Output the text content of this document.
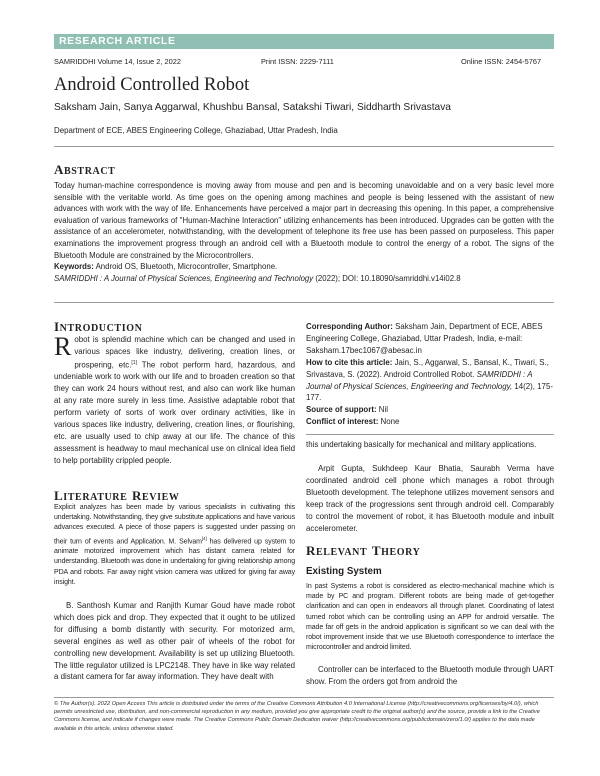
RESEARCH ARTICLE
SAMRIDDHI Volume 14, Issue 2, 2022	Print ISSN: 2229-7111	Online ISSN: 2454-5767
Android Controlled Robot
Saksham Jain, Sanya Aggarwal, Khushbu Bansal, Satakshi Tiwari, Siddharth Srivastava
Department of ECE, ABES Engineering College, Ghaziabad, Uttar Pradesh, India
ABSTRACT

Today human-machine correspondence is moving away from mouse and pen and is becoming unavoidable and on a very basic level more sensible with the veritable world. As time goes on the opening among machines and people is being lessened with the assistant of new advances with work with the way of life. Enhancements have perceived a major part in decreasing this opening. In this paper, a comprehensive evaluation of various frameworks of "Human-Machine Interaction" utilizing enhancements has been introduced. Upgrades can be gotten with the assistance of an accelerometer, notwithstanding, with the development of telephone its free use has been passed on purposeless. This paper examinations the improvement progress through an android cell with a Bluetooth module to control the energy of a robot. The signs of the Bluetooth Module are constrained by the Microcontrollers.

Keywords: Android OS, Bluetooth, Microcontroller, Smartphone.

SAMRIDDHI : A Journal of Physical Sciences, Engineering and Technology (2022); DOI: 10.18090/samriddhi.v14i02.8

INTRODUCTION

Robot is splendid machine which can be changed and used in various spaces like industry, delivering, creation lines, or prospering, etc.[1] The robot perform hard, hazardous, and undeniable work to work with our life and to broaden creation so that they can work 24 hours without rest, and also can work like human at any rate more surely in less time. Assistive adaptable robot that perform variety of sorts of work over ordinary activities, like in various spaces like industry, delivering, creation lines, or flourishing, etc. are usually used to chip away at our life. The chance of this assessment is headway to maul mechanical use on clinical idea field to help portability crippled people.

LITERATURE REVIEW

Explicit analyzes has been made by various specialists in cultivating this undertaking. Notwithstanding, they give substitute applications and have various advances executed. A piece of those papers is suggested under passing on their turn of events and Application. M. Selvam[4] has delivered up system to animate motorized improvement which has distant camera related for understanding. Bluetooth was done in undertaking for giving relationship among PDA and robots. Far away night vision camera was utilized for giving far away insight.

B. Santhosh Kumar and Ranjith Kumar Goud have made robot which does pick and drop. They expected that it ought to be utilized for diffusing a bomb distantly with security. For motorized arm, several engines as well as other pair of wheels of the robot for controlling new development. Availability is set up utilizing Bluetooth. The little regulator utilized is LPC2148. They have in like way related a distant camera for far away information. They have dealt with

Corresponding Author: Saksham Jain, Department of ECE, ABES Engineering College, Ghaziabad, Uttar Pradesh, India, e-mail: Saksham.17bec1067@abesac.in

How to cite this article: Jain, S., Aggarwal, S., Bansal, K., Tiwari, S., Srivastava, S. (2022). Android Controlled Robot. SAMRIDDHI : A Journal of Physical Sciences, Engineering and Technology, 14(2), 175-177.

Source of support: Nil

Conflict of interest: None

this undertaking basically for mechanical and military applications.

Arpit Gupta, Sukhdeep Kaur Bhatia, Saurabh Verma have coordinated android cell phone which manages a robot through Bluetooth development. The telephone utilizes movement sensors and keep track of the progressions sent through android cell. Comparably to control the movement of robot, it has Bluetooth module and inbuilt accelerometer.

RELEVANT THEORY
Existing System

In past Systems a robot is considered as electro-mechanical machine which is made by PC and program. Different robots are being made of get-together clarification and can open in endeavors all through planet. Coordinating of latest turned robot which can be controlling using an APP for android versatile. The made far off gets in the android application is significant so we can deal with the robot improvement inside that we use Bluetooth correspondence to interface the microcontroller and android limited.

Controller can be interfaced to the Bluetooth module through UART show. From the orders got from android the

© The Author(s). 2022 Open Access This article is distributed under the terms of the Creative Commons Attribution 4.0 International License (http://creativecommons.org/licenses/by/4.0/), which permits unrestricted use, distribution, and non-commercial reproduction in any medium, provided you give appropriate credit to the original author(s) and the source, provide a link to the Creative Commons license, and indicate if changes were made. The Creative Commons Public Domain Dedication waiver (http://creativecommons.org/publicdomain/zero/1.0/) applies to the data made available in this article, unless otherwise stated.
